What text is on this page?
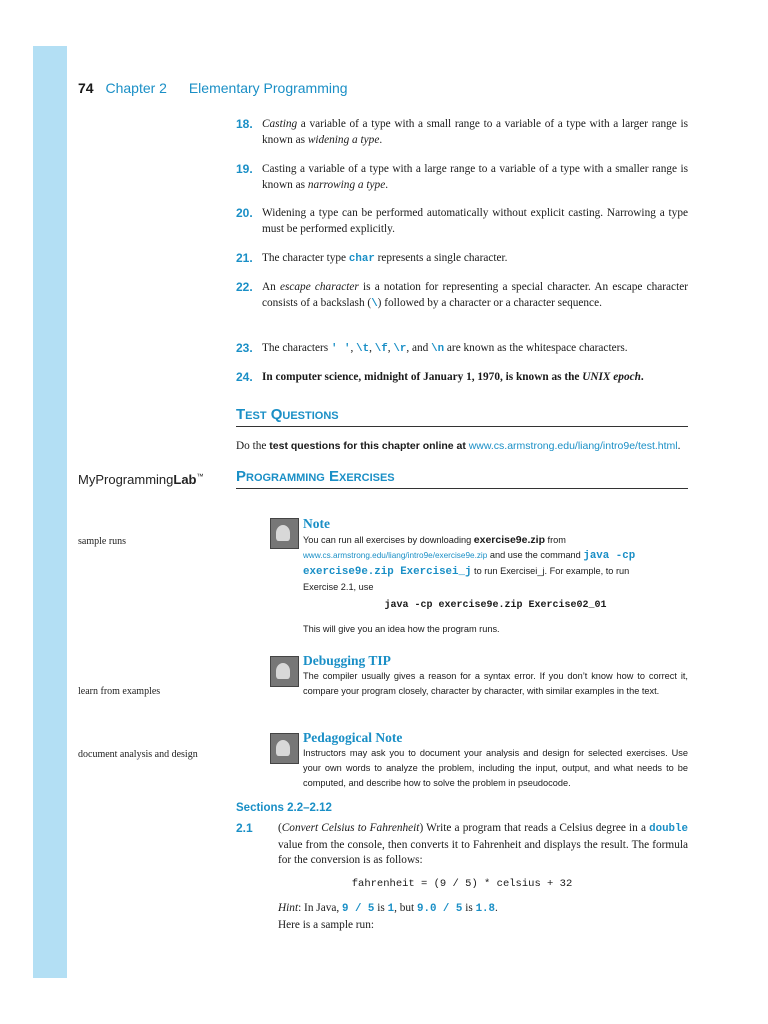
74 Chapter 2 Elementary Programming
18. Casting a variable of a type with a small range to a variable of a type with a larger range is known as widening a type.
19. Casting a variable of a type with a large range to a variable of a type with a smaller range is known as narrowing a type.
20. Widening a type can be performed automatically without explicit casting. Narrowing a type must be performed explicitly.
21. The character type char represents a single character.
22. An escape character is a notation for representing a special character. An escape character consists of a backslash (\) followed by a character or a character sequence.
23. The characters ' ', \t, \f, \r, and \n are known as the whitespace characters.
24. In computer science, midnight of January 1, 1970, is known as the UNIX epoch.
Test Questions
Do the test questions for this chapter online at www.cs.armstrong.edu/liang/intro9e/test.html.
MyProgrammingLab™ Programming Exercises
sample runs
Note
You can run all exercises by downloading exercise9e.zip from
www.cs.armstrong.edu/liang/intro9e/exercise9e.zip and use the command java -cp
exercise9e.zip Exercisei_j to run Exercisei_j. For example, to run
Exercise 2.1, use
java -cp exercise9e.zip Exercise02_01
This will give you an idea how the program runs.
learn from examples
Debugging TIP
The compiler usually gives a reason for a syntax error. If you don’t know how to correct it, compare your program closely, character by character, with similar examples in the text.
document analysis and design
Pedagogical Note
Instructors may ask you to document your analysis and design for selected exercises. Use your own words to analyze the problem, including the input, output, and what needs to be computed, and describe how to solve the problem in pseudocode.
Sections 2.2–2.12
2.1 (Convert Celsius to Fahrenheit) Write a program that reads a Celsius degree in a double value from the console, then converts it to Fahrenheit and displays the result. The formula for the conversion is as follows:
fahrenheit = (9 / 5) * celsius + 32
Hint: In Java, 9 / 5 is 1, but 9.0 / 5 is 1.8.
Here is a sample run:
